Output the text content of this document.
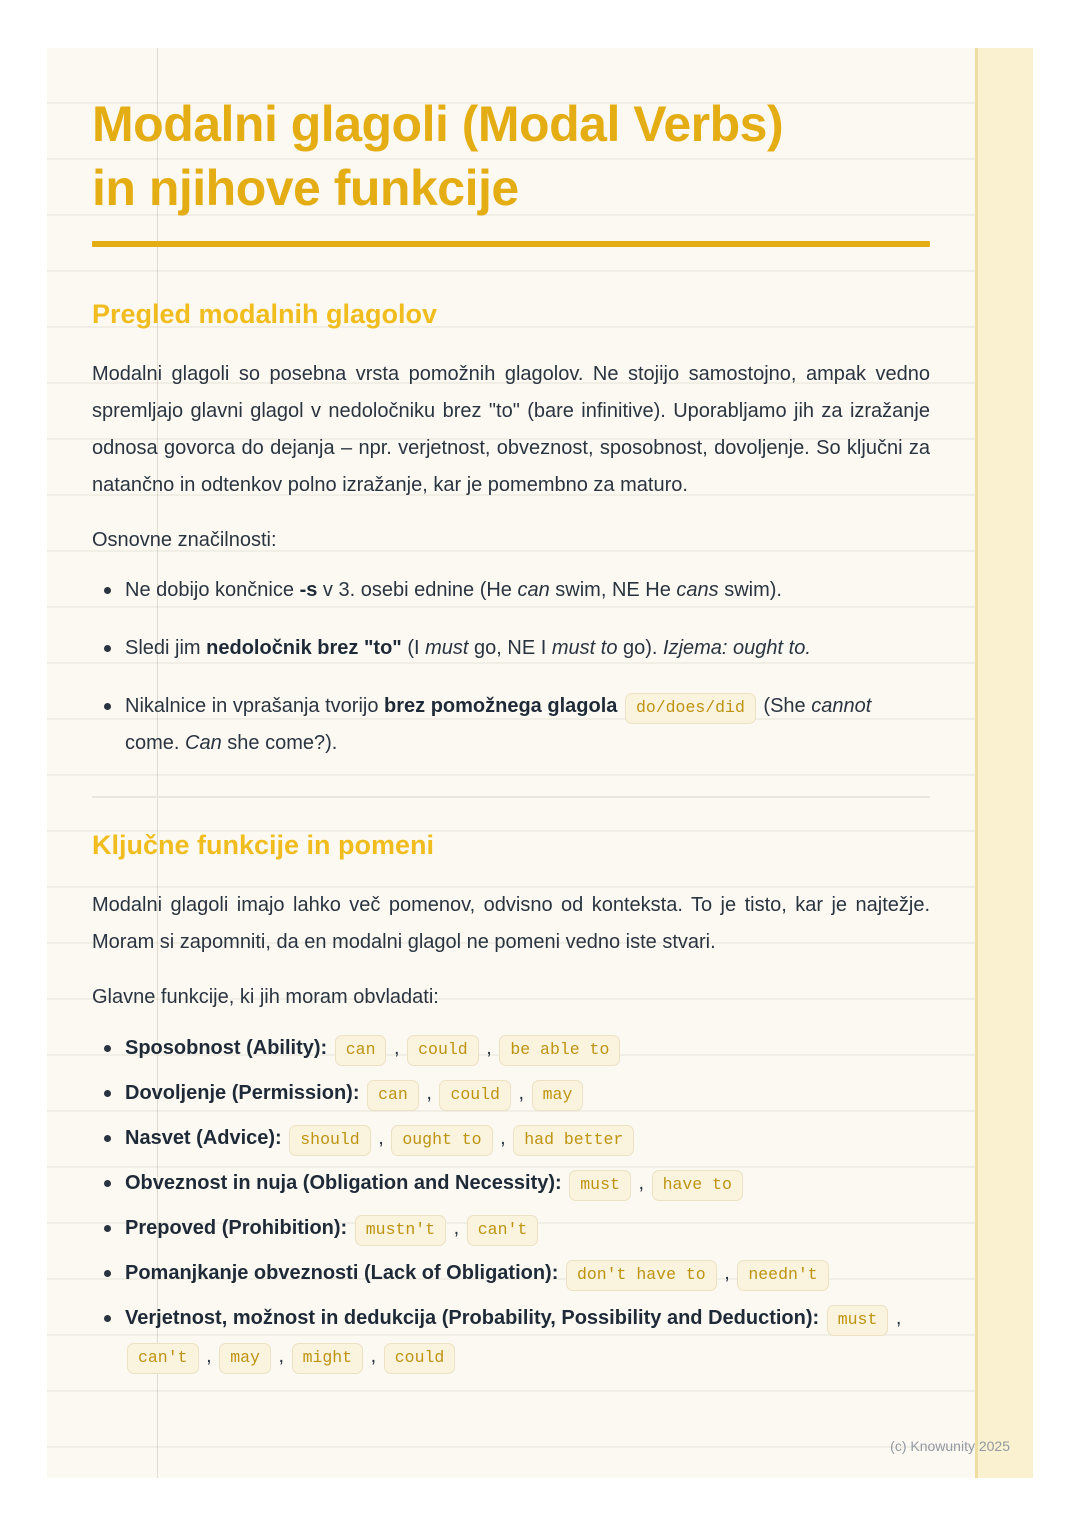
Modalni glagoli (Modal Verbs)
in njihove funkcije
Pregled modalnih glagolov

Modalni glagoli so posebna vrsta pomožnih glagolov. Ne stojijo samostojno, ampak vedno spremljajo glavni glagol v nedoločniku brez "to" (bare infinitive). Uporabljamo jih za izražanje odnosa govorca do dejanja – npr. verjetnost, obveznost, sposobnost, dovoljenje. So ključni za natančno in odtenkov polno izražanje, kar je pomembno za maturo.

Osnovne značilnosti:

Ne dobijo končnice -s v 3. osebi ednine (He can swim, NE He cans swim).
Sledi jim nedoločnik brez "to" (I must go, NE I must to go). Izjema: ought to.
Nikalnice in vprašanja tvorijo brez pomožnega glagola do/does/did (She cannot come. Can she come?).
Ključne funkcije in pomeni

Modalni glagoli imajo lahko več pomenov, odvisno od konteksta. To je tisto, kar je najtežje. Moram si zapomniti, da en modalni glagol ne pomeni vedno iste stvari.

Glavne funkcije, ki jih moram obvladati:

Sposobnost (Ability): can , could , be able to
Dovoljenje (Permission): can , could , may
Nasvet (Advice): should , ought to , had better
Obveznost in nuja (Obligation and Necessity): must , have to
Prepoved (Prohibition): mustn't , can't
Pomanjkanje obveznosti (Lack of Obligation): don't have to , needn't
Verjetnost, možnost in dedukcija (Probability, Possibility and Deduction): must , can't , may , might , could
(c) Knowunity 2025
